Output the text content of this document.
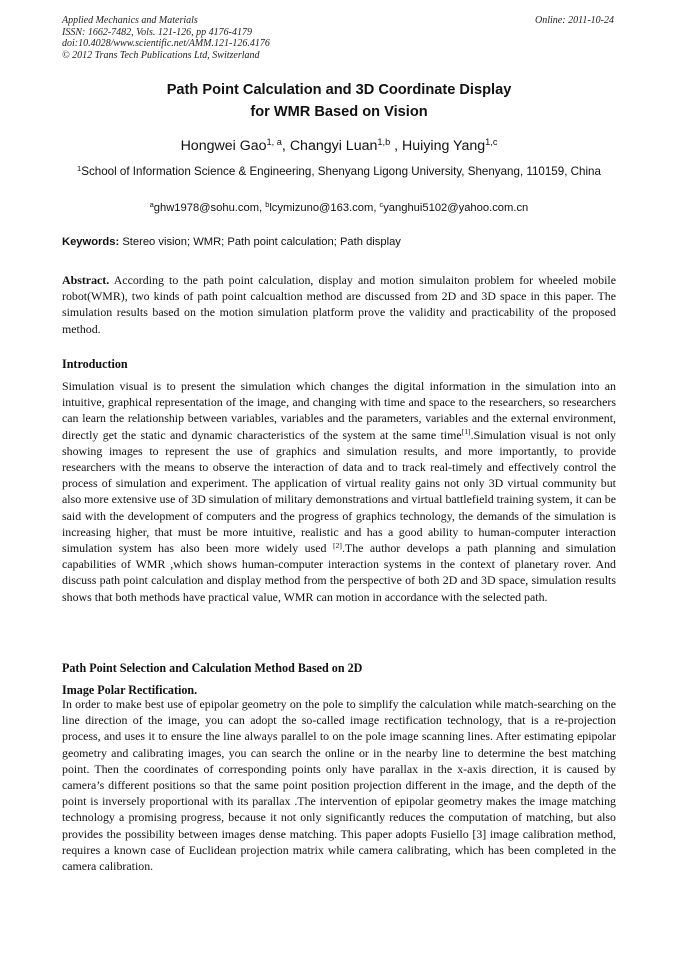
Applied Mechanics and Materials
ISSN: 1662-7482, Vols. 121-126, pp 4176-4179
doi:10.4028/www.scientific.net/AMM.121-126.4176
© 2012 Trans Tech Publications Ltd, Switzerland
Online: 2011-10-24
Path Point Calculation and 3D Coordinate Display
for WMR Based on Vision
Hongwei Gao$^{1, a}$, Changyi Luan$^{1,b}$ , Huiying Yang$^{1,c}$
$^1$School of Information Science & Engineering, Shenyang Ligong University, Shenyang, 110159, China
$^a$ghw1978@sohu.com, $^b$lcymizuno@163.com, $^c$yanghui5102@yahoo.com.cn
Keywords: Stereo vision; WMR; Path point calculation; Path display
Abstract. According to the path point calculation, display and motion simulaiton problem for wheeled mobile robot(WMR), two kinds of path point calcualtion method are discussed from 2D and 3D space in this paper. The simulation results based on the motion simulation platform prove the validity and practicability of the proposed method.
Introduction
Simulation visual is to present the simulation which changes the digital information in the simulation into an intuitive, graphical representation of the image, and changing with time and space to the researchers, so researchers can learn the relationship between variables, variables and the parameters, variables and the external environment, directly get the static and dynamic characteristics of the system at the same time[1].Simulation visual is not only showing images to represent the use of graphics and simulation results, and more importantly, to provide researchers with the means to observe the interaction of data and to track real-timely and effectively control the process of simulation and experiment. The application of virtual reality gains not only 3D virtual community but also more extensive use of 3D simulation of military demonstrations and virtual battlefield training system, it can be said with the development of computers and the progress of graphics technology, the demands of the simulation is increasing higher, that must be more intuitive, realistic and has a good ability to human-computer interaction simulation system has also been more widely used [2].The author develops a path planning and simulation capabilities of WMR ,which shows human-computer interaction systems in the context of planetary rover. And discuss path point calculation and display method from the perspective of both 2D and 3D space, simulation results shows that both methods have practical value, WMR can motion in accordance with the selected path.
Path Point Selection and Calculation Method Based on 2D
Image Polar Rectification.
In order to make best use of epipolar geometry on the pole to simplify the calculation while match-searching on the line direction of the image, you can adopt the so-called image rectification technology, that is a re-projection process, and uses it to ensure the line always parallel to on the pole image scanning lines. After estimating epipolar geometry and calibrating images, you can search the online or in the nearby line to determine the best matching point. Then the coordinates of corresponding points only have parallax in the x-axis direction, it is caused by camera’s different positions so that the same point position projection different in the image, and the depth of the point is inversely proportional with its parallax .The intervention of epipolar geometry makes the image matching technology a promising progress, because it not only significantly reduces the computation of matching, but also provides the possibility between images dense matching. This paper adopts Fusiello [3] image calibration method, requires a known case of Euclidean projection matrix while camera calibrating, which has been completed in the camera calibration.
